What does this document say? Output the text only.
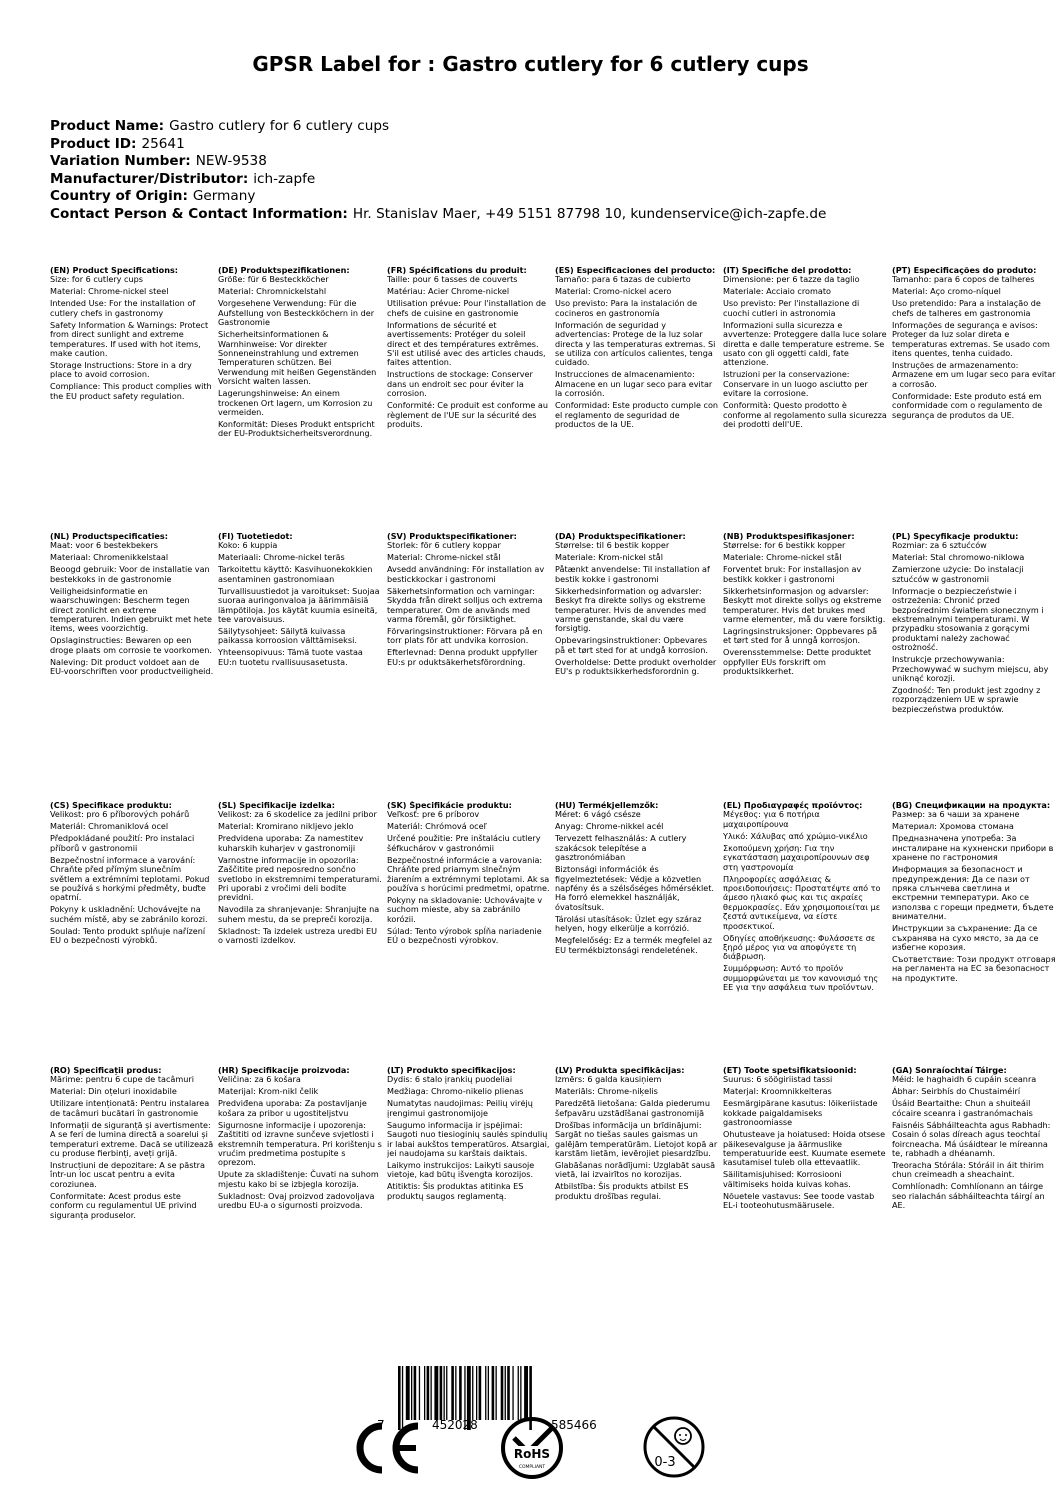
GPSR Label for : Gastro cutlery for 6 cutlery cups
Product Name: Gastro cutlery for 6 cutlery cups
Product ID: 25641
Variation Number: NEW-9538
Manufacturer/Distributor: ich-zapfe
Country of Origin: Germany
Contact Person & Contact Information: Hr. Stanislav Maer, +49 5151 87798 10, kundenservice@ich-zapfe.de
(EN) Product Specifications:

Size: for 6 cutlery cups

Material: Chrome-nickel steel

Intended Use: For the installation of cutlery chefs in gastronomy

Safety Information & Warnings: Protect from direct sunlight and extreme temperatures. If used with hot items, make caution.

Storage Instructions: Store in a dry place to avoid corrosion.

Compliance: This product complies with the EU product safety regulation.

(DE) Produktspezifikationen:

Größe: für 6 Besteckköcher

Material: Chromnickelstahl

Vorgesehene Verwendung: Für die Aufstellung von Besteckköchern in der Gastronomie

Sicherheitsinformationen & Warnhinweise: Vor direkter Sonneneinstrahlung und extremen Temperaturen schützen. Bei Verwendung mit heißen Gegenständen Vorsicht walten lassen.

Lagerungshinweise: An einem trockenen Ort lagern, um Korrosion zu vermeiden.

Konformität: Dieses Produkt entspricht der EU-Produktsicherheitsverordnung.

(FR) Spécifications du produit:

Taille: pour 6 tasses de couverts

Matériau: Acier Chrome-nickel

Utilisation prévue: Pour l'installation de chefs de cuisine en gastronomie

Informations de sécurité et avertissements: Protéger du soleil direct et des températures extrêmes. S'il est utilisé avec des articles chauds, faites attention.

Instructions de stockage: Conserver dans un endroit sec pour éviter la corrosion.

Conformité: Ce produit est conforme au règlement de l'UE sur la sécurité des produits.

(ES) Especificaciones del producto:

Tamaño: para 6 tazas de cubierto

Material: Cromo-nickel acero

Uso previsto: Para la instalación de cocineros en gastronomía

Información de seguridad y advertencias: Protege de la luz solar directa y las temperaturas extremas. Si se utiliza con artículos calientes, tenga cuidado.

Instrucciones de almacenamiento: Almacene en un lugar seco para evitar la corrosión.

Conformidad: Este producto cumple con el reglamento de seguridad de productos de la UE.

(IT) Specifiche del prodotto:

Dimensione: per 6 tazze da taglio

Materiale: Acciaio cromato

Uso previsto: Per l'installazione di cuochi cutleri in astronomia

Informazioni sulla sicurezza e avvertenze: Proteggere dalla luce solare diretta e dalle temperature estreme. Se usato con gli oggetti caldi, fate attenzione.

Istruzioni per la conservazione: Conservare in un luogo asciutto per evitare la corrosione.

Conformità: Questo prodotto è conforme al regolamento sulla sicurezza dei prodotti dell'UE.

(PT) Especificações do produto:

Tamanho: para 6 copos de talheres

Material: Aço cromo-níquel

Uso pretendido: Para a instalação de chefs de talheres em gastronomia

Informações de segurança e avisos: Proteger da luz solar direta e temperaturas extremas. Se usado com itens quentes, tenha cuidado.

Instruções de armazenamento: Armazene em um lugar seco para evitar a corrosão.

Conformidade: Este produto está em conformidade com o regulamento de segurança de produtos da UE.

(NL) Productspecificaties:

Maat: voor 6 bestekbekers

Materiaal: Chromenikkelstaal

Beoogd gebruik: Voor de installatie van bestekkoks in de gastronomie

Veiligheidsinformatie en waarschuwingen: Bescherm tegen direct zonlicht en extreme temperaturen. Indien gebruikt met hete items, wees voorzichtig.

Opslaginstructies: Bewaren op een droge plaats om corrosie te voorkomen.

Naleving: Dit product voldoet aan de EU-voorschriften voor productveiligheid.

(FI) Tuotetiedot:

Koko: 6 kuppia

Materiaali: Chrome-nickel teräs

Tarkoitettu käyttö: Kasvihuonekokkien asentaminen gastronomiaan

Turvallisuustiedot ja varoitukset: Suojaa suoraa auringonvaloa ja äärimmäisiä lämpötiloja. Jos käytät kuumia esineitä, tee varovaisuus.

Säilytysohjeet: Säilytä kuivassa paikassa korroosion välttämiseksi.

Yhteensopivuus: Tämä tuote vastaa EU:n tuotetu rvallisuusasetusta.

(SV) Produktspecifikationer:

Storlek: för 6 cutlery koppar

Material: Chrome-nickel stål

Avsedd användning: För installation av bestickkockar i gastronomi

Säkerhetsinformation och varningar: Skydda från direkt solljus och extrema temperaturer. Om de används med varma föremål, gör försiktighet.

Förvaringsinstruktioner: Förvara på en torr plats för att undvika korrosion.

Efterlevnad: Denna produkt uppfyller EU:s pr oduktsäkerhetsförordning.

(DA) Produktspecifikationer:

Størrelse: til 6 bestik kopper

Materiale: Krom-nickel stål

Påtænkt anvendelse: Til installation af bestik kokke i gastronomi

Sikkerhedsinformation og advarsler: Beskyt fra direkte sollys og ekstreme temperaturer. Hvis de anvendes med varme genstande, skal du være forsigtig.

Opbevaringsinstruktioner: Opbevares på et tørt sted for at undgå korrosion.

Overholdelse: Dette produkt overholder EU's p roduktsikkerhedsforordnin g.

(NB) Produktspesifikasjoner:

Størrelse: for 6 bestikk kopper

Materiale: Chrome-nickel stål

Forventet bruk: For installasjon av bestikk kokker i gastronomi

Sikkerhetsinformasjon og advarsler: Beskytt mot direkte sollys og ekstreme temperaturer. Hvis det brukes med varme elementer, må du være forsiktig.

Lagringsinstruksjoner: Oppbevares på et tørt sted for å unngå korrosjon.

Overensstemmelse: Dette produktet oppfyller EUs forskrift om produktsikkerhet.

(PL) Specyfikacje produktu:

Rozmiar: za 6 sztućców

Materiał: Stal chromowo-niklowa

Zamierzone użycie: Do instalacji sztućców w gastronomii

Informacje o bezpieczeństwie i ostrzeżenia: Chronić przed bezpośrednim światłem słonecznym i ekstremalnymi temperaturami. W przypadku stosowania z gorącymi produktami należy zachować ostrożność.

Instrukcje przechowywania: Przechowywać w suchym miejscu, aby uniknąć korozji.

Zgodność: Ten produkt jest zgodny z rozporządzeniem UE w sprawie bezpieczeństwa produktów.

(CS) Specifikace produktu:

Velikost: pro 6 příborových pohárů

Materiál: Chromaniklová ocel

Předpokládané použití: Pro instalaci příborů v gastronomii

Bezpečnostní informace a varování: Chraňte před přímým slunečním světlem a extrémními teplotami. Pokud se používá s horkými předměty, buďte opatrní.

Pokyny k uskladnění: Uchovávejte na suchém místě, aby se zabránilo korozi.

Soulad: Tento produkt splňuje nařízení EU o bezpečnosti výrobků.

(SL) Specifikacije izdelka:

Velikost: za 6 skodelice za jedilni pribor

Material: Kromirano nikljevo jeklo

Predvidena uporaba: Za namestitev kuharskih kuharjev v gastronomiji

Varnostne informacije in opozorila: Zaščitite pred neposredno sončno svetlobo in ekstremnimi temperaturami. Pri uporabi z vročimi deli bodite previdni.

Navodila za shranjevanje: Shranjujte na suhem mestu, da se prepreči korozija.

Skladnost: Ta izdelek ustreza uredbi EU o varnosti izdelkov.

(SK) Špecifikácie produktu:

Veľkosť: pre 6 príborov

Materiál: Chrómová oceľ

Určené použitie: Pre inštaláciu cutlery šéfkuchárov v gastronómii

Bezpečnostné informácie a varovania: Chráňte pred priamym slnečným žiarením a extrémnymi teplotami. Ak sa používa s horúcimi predmetmi, opatrne.

Pokyny na skladovanie: Uchovávajte v suchom mieste, aby sa zabránilo korózii.

Súlad: Tento výrobok spĺňa nariadenie EÚ o bezpečnosti výrobkov.

(HU) Termékjellemzők:

Méret: 6 vágó csésze

Anyag: Chrome-nikkel acél

Tervezett felhasználás: A cutlery szakácsok telepítése a gasztronómiában

Biztonsági információk és figyelmeztetések: Védje a közvetlen napfény és a szélsőséges hőmérséklet. Ha forró elemekkel használják, óvatosítsuk.

Tárolási utasítások: Üzlet egy száraz helyen, hogy elkerülje a korrózió.

Megfelelőség: Ez a termék megfelel az EU termékbiztonsági rendeletének.

(EL) Προδιαγραφές προϊόντος:

Μέγεθος: για 6 ποτήρια μαχαιροπίρουνα

Υλικό: Χάλυβας από χρώμιο-νικέλιο

Σκοπούμενη χρήση: Για την εγκατάσταση μαχαιροπίρουνων σεφ στη γαστρονομία

Πληροφορίες ασφάλειας & προειδοποιήσεις: Προστατέψτε από το άμεσο ηλιακό φως και τις ακραίες θερμοκρασίες. Εάν χρησιμοποιείται με ζεστά αντικείμενα, να είστε προσεκτικοί.

Οδηγίες αποθήκευσης: Φυλάσσετε σε ξηρό μέρος για να αποφύγετε τη διάβρωση.

Συμμόρφωση: Αυτό το προϊόν συμμορφώνεται με τον κανονισμό της ΕΕ για την ασφάλεια των προϊόντων.

(BG) Спецификации на продукта:

Размер: за 6 чаши за хранене

Материал: Хромова стомана

Предназначена употреба: За инсталиране на кухненски прибори в хранене по гастрономия

Информация за безопасност и предупреждения: Да се пази от пряка слънчева светлина и екстремни температури. Ако се използва с горещи предмети, бъдете внимателни.

Инструкции за съхранение: Да се съхранява на сухо място, за да се избегне корозия.

Съответствие: Този продукт отговаря на регламента на ЕС за безопасност на продуктите.

(RO) Specificații produs:

Mărime: pentru 6 cupe de tacâmuri

Material: Din oțeluri inoxidabile

Utilizare intenționată: Pentru instalarea de tacâmuri bucătari în gastronomie

Informații de siguranță și avertismente: A se feri de lumina directă a soarelui și temperaturi extreme. Dacă se utilizează cu produse fierbinți, aveți grijă.

Instrucțiuni de depozitare: A se păstra într-un loc uscat pentru a evita coroziunea.

Conformitate: Acest produs este conform cu regulamentul UE privind siguranța produselor.

(HR) Specifikacije proizvoda:

Veličina: za 6 košara

Materijal: Krom-nikl čelik

Predviđena uporaba: Za postavljanje košara za pribor u ugostiteljstvu

Sigurnosne informacije i upozorenja: Zaštititi od izravne sunčeve svjetlosti i ekstremnih temperatura. Pri korištenju s vrućim predmetima postupite s oprezom.

Upute za skladištenje: Čuvati na suhom mjestu kako bi se izbjegla korozija.

Sukladnost: Ovaj proizvod zadovoljava uredbu EU-a o sigurnosti proizvoda.

(LT) Produkto specifikacijos:

Dydis: 6 stalo įrankių puodeliai

Medžiaga: Chromo-nikelio plienas

Numatytas naudojimas: Peilių virėjų įrengimui gastronomijoje

Saugumo informacija ir įspėjimai: Saugoti nuo tiesioginių saulės spindulių ir labai aukštos temperatūros. Atsargiai, jei naudojama su karštais daiktais.

Laikymo instrukcijos: Laikyti sausoje vietoje, kad būtų išvengta korozijos.

Atitiktis: Šis produktas atitinka ES produktų saugos reglamentą.

(LV) Produkta specifikācijas:

Izmērs: 6 galda kausiņiem

Materiāls: Chrome-niķelis

Paredzētā lietošana: Galda piederumu šefpavāru uzstādīšanai gastronomijā

Drošības informācija un brīdinājumi: Sargāt no tiešas saules gaismas un galējām temperatūrām. Lietojot kopā ar karstām lietām, ievērojiet piesardzību.

Glabāšanas norādījumi: Uzglabāt sausā vietā, lai izvairītos no korozijas.

Atbilstība: Šis produkts atbilst ES produktu drošības regulai.

(ET) Toote spetsifikatsioonid:

Suurus: 6 söögiriistad tassi

Materjal: Kroomnikkelteras

Eesmärgipärane kasutus: lõikeriistade kokkade paigaldamiseks gastronoomiasse

Ohutusteave ja hoiatused: Hoida otsese päikesevalguse ja äärmuslike temperatuuride eest. Kuumate esemete kasutamisel tuleb olla ettevaatlik.

Säilitamisjuhised: Korrosiooni vältimiseks hoida kuivas kohas.

Nõuetele vastavus: See toode vastab EL-i tooteohutusmäärusele.

(GA) Sonraíochtaí Táirge:

Méid: le haghaidh 6 cupáin sceanra

Ábhar: Seirbhís do Chustaiméirí

Úsáid Beartaithe: Chun a shuiteáil cócaire sceanra i gastranómachais

Faisnéis Sábháilteachta agus Rabhadh: Cosain ó solas díreach agus teochtaí foircneacha. Má úsáidtear le míreanna te, rabhadh a dhéanamh.

Treoracha Stórála: Stóráil in áit thirim chun creimeadh a sheachaint.

Comhlíonadh: Comhlíonann an táirge seo rialachán sábháilteachta táirgí an AE.

7	452028	585466
RoHS
COMPLIANT	0-3
